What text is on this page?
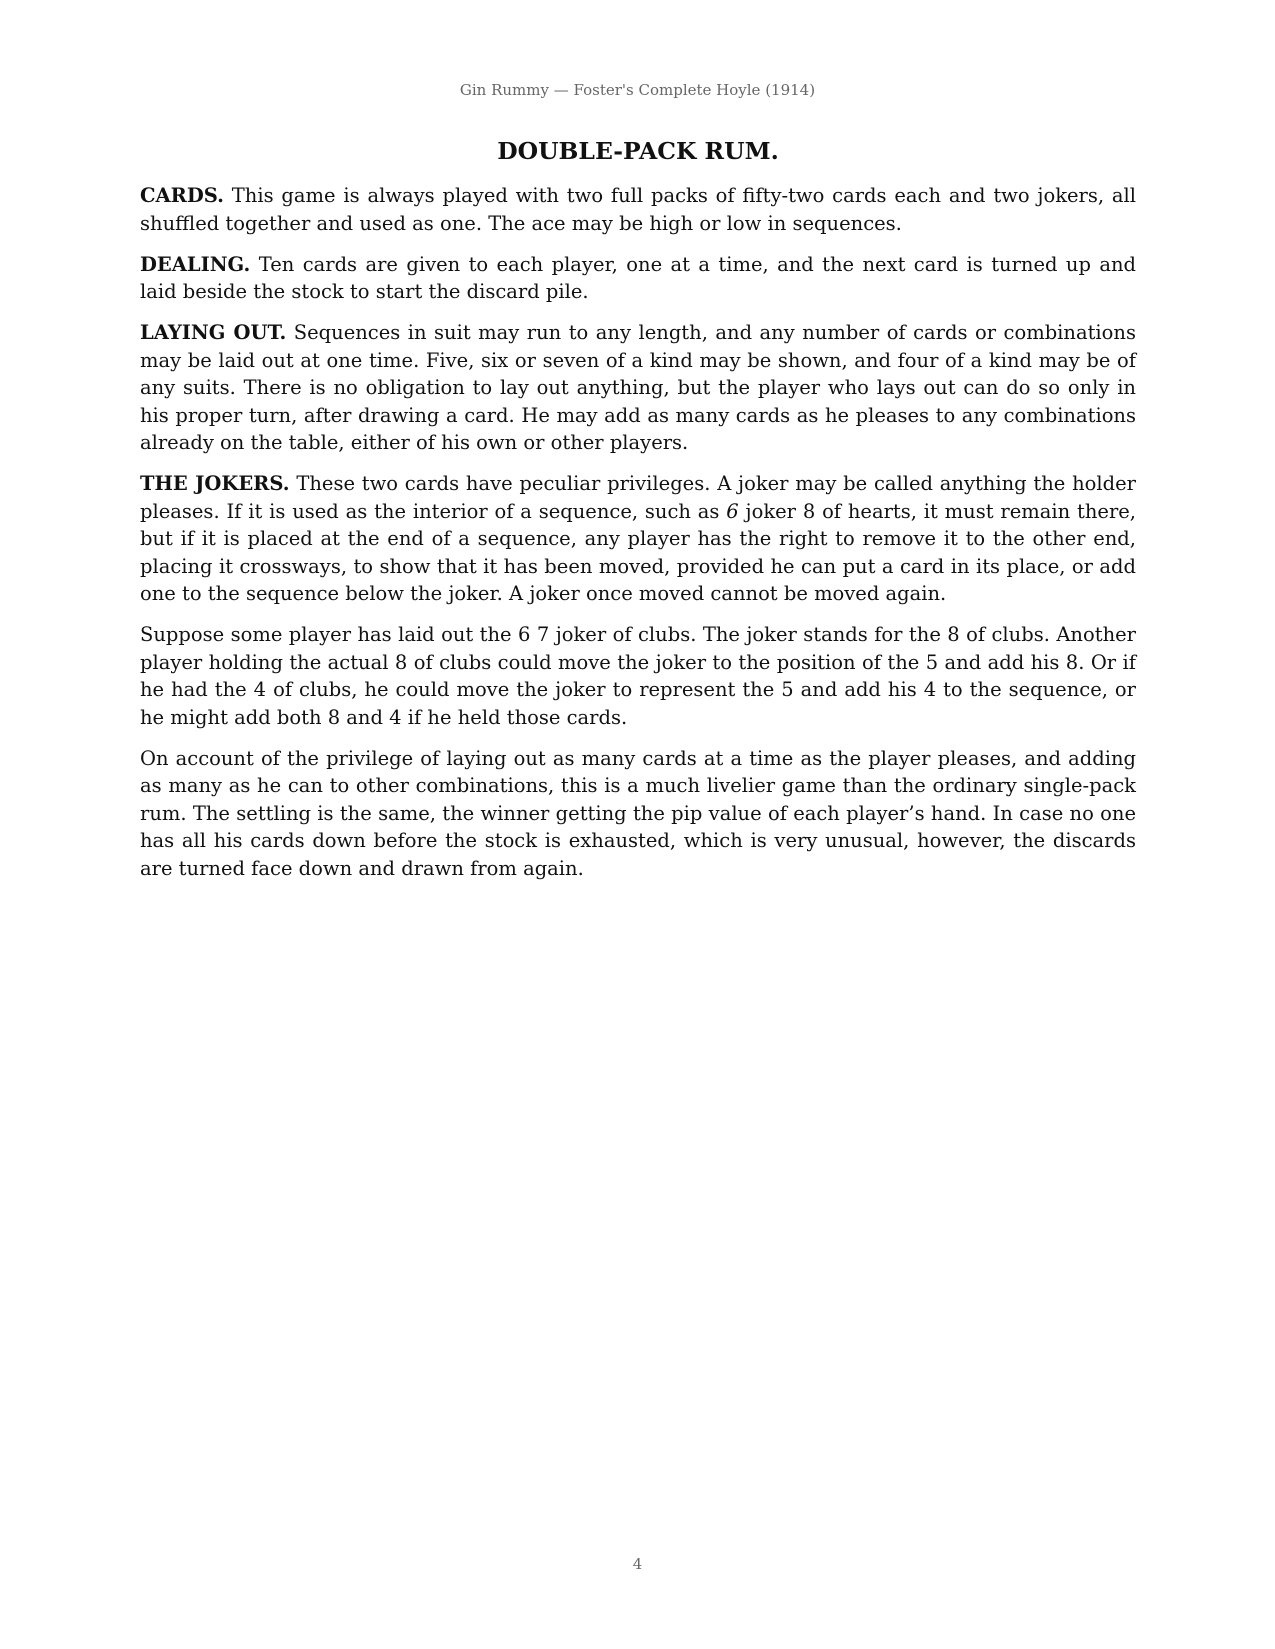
Gin Rummy — Foster's Complete Hoyle (1914)
DOUBLE-PACK RUM.

CARDS. This game is always played with two full packs of fifty-two cards each and two jokers, all shuffled together and used as one. The ace may be high or low in sequences.

DEALING. Ten cards are given to each player, one at a time, and the next card is turned up and laid beside the stock to start the discard pile.

LAYING OUT. Sequences in suit may run to any length, and any number of cards or combinations may be laid out at one time. Five, six or seven of a kind may be shown, and four of a kind may be of any suits. There is no obligation to lay out anything, but the player who lays out can do so only in his proper turn, after drawing a card. He may add as many cards as he pleases to any combinations already on the table, either of his own or other players.

THE JOKERS. These two cards have peculiar privileges. A joker may be called anything the holder pleases. If it is used as the interior of a sequence, such as 6 joker 8 of hearts, it must remain there, but if it is placed at the end of a sequence, any player has the right to remove it to the other end, placing it crossways, to show that it has been moved, provided he can put a card in its place, or add one to the sequence below the joker. A joker once moved cannot be moved again.

Suppose some player has laid out the 6 7 joker of clubs. The joker stands for the 8 of clubs. Another player holding the actual 8 of clubs could move the joker to the position of the 5 and add his 8. Or if he had the 4 of clubs, he could move the joker to represent the 5 and add his 4 to the sequence, or he might add both 8 and 4 if he held those cards.

On account of the privilege of laying out as many cards at a time as the player pleases, and adding as many as he can to other combinations, this is a much livelier game than the ordinary single-pack rum. The settling is the same, the winner getting the pip value of each player’s hand. In case no one has all his cards down before the stock is exhausted, which is very unusual, however, the discards are turned face down and drawn from again.

4
